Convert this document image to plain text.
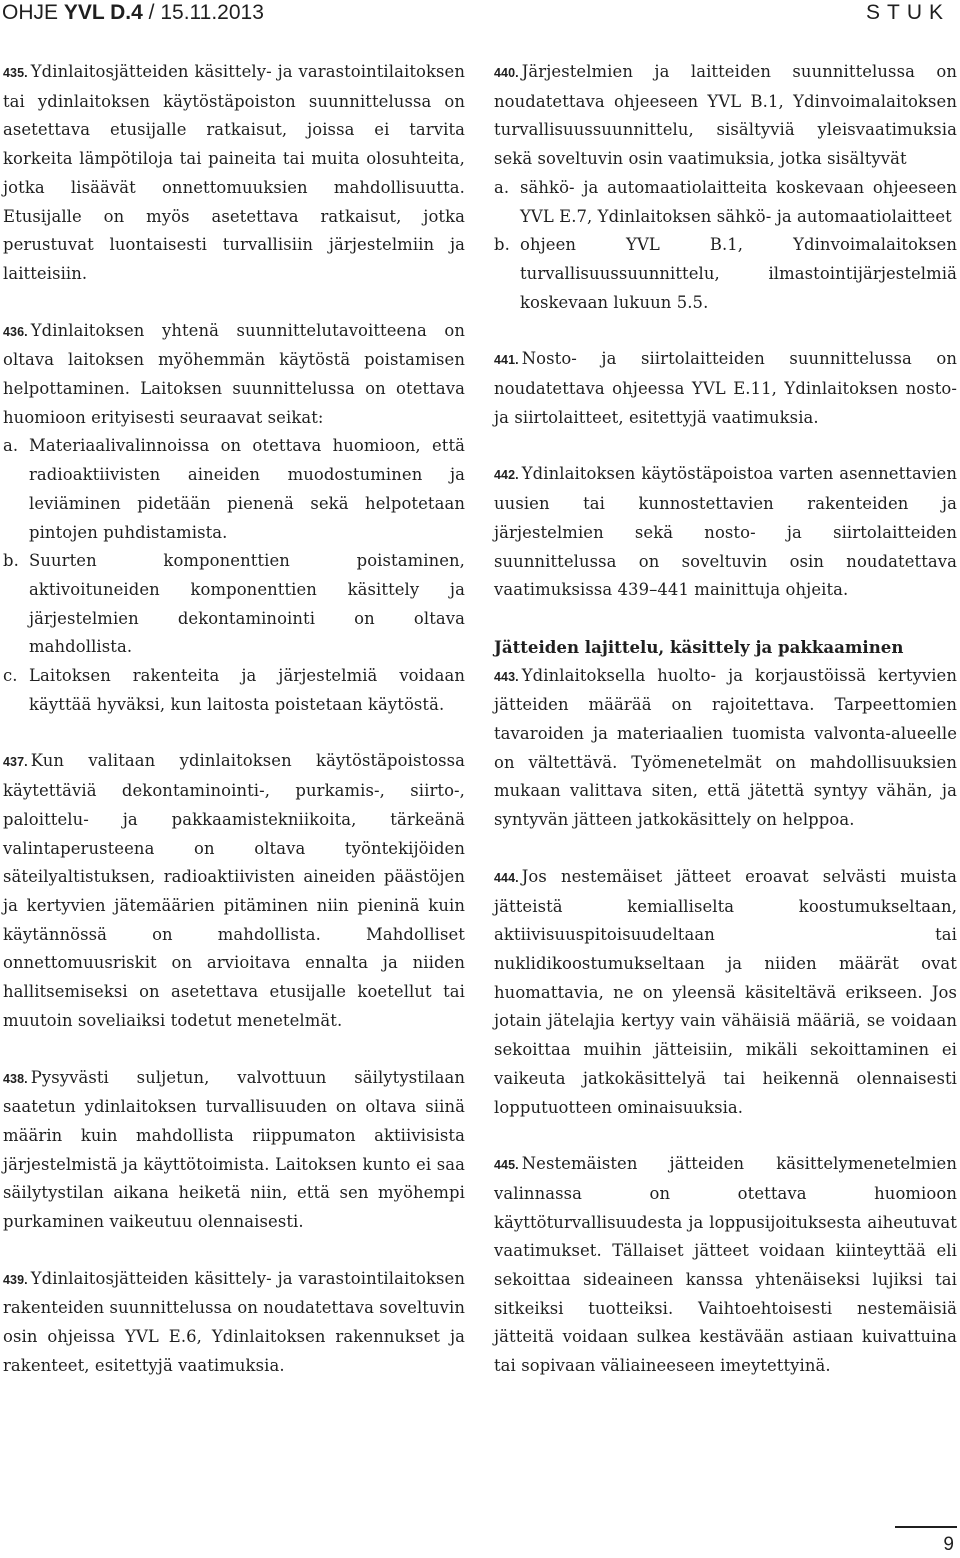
OHJE YVL D.4 / 15.11.2013	STUK
435. Ydinlaitosjätteiden käsittely- ja varastointilaitoksen tai ydinlaitoksen käytöstäpoiston suunnittelussa on asetettava etusijalle ratkaisut, joissa ei tarvita korkeita lämpötiloja tai paineita tai muita olosuhteita, jotka lisäävät onnettomuuksien mahdollisuutta. Etusijalle on myös asetettava ratkaisut, jotka perustuvat luontaisesti turvallisiin järjestelmiin ja laitteisiin.
436. Ydinlaitoksen yhtenä suunnittelutavoitteena on oltava laitoksen myöhemmän käytöstä poistamisen helpottaminen. Laitoksen suunnittelussa on otettava huomioon erityisesti seuraavat seikat:
a. Materiaalivalinnoissa on otettava huomioon, että radioaktiivisten aineiden muodostuminen ja leviäminen pidetään pienenä sekä helpotetaan pintojen puhdistamista.
b. Suurten komponenttien poistaminen, aktivoituneiden komponenttien käsittely ja järjestelmien dekontaminointi on oltava mahdollista.
c. Laitoksen rakenteita ja järjestelmiä voidaan käyttää hyväksi, kun laitosta poistetaan käytöstä.
437. Kun valitaan ydinlaitoksen käytöstäpoistossa käytettäviä dekontaminointi-, purkamis-, siirto-, paloittelu- ja pakkaamistekniikoita, tärkeänä valintaperusteena on oltava työntekijöiden säteilyaltistuksen, radioaktiivisten aineiden päästöjen ja kertyvien jätemäärien pitäminen niin pieninä kuin käytännössä on mahdollista. Mahdolliset onnettomuusriskit on arvioitava ennalta ja niiden hallitsemiseksi on asetettava etusijalle koetellut tai muutoin soveliaiksi todetut menetelmät.
438. Pysyvästi suljetun, valvottuun säilytystilaan saatetun ydinlaitoksen turvallisuuden on oltava siinä määrin kuin mahdollista riippumaton aktiivisista järjestelmistä ja käyttötoimista. Laitoksen kunto ei saa säilytystilan aikana heiketä niin, että sen myöhempi purkaminen vaikeutuu olennaisesti.
439. Ydinlaitosjätteiden käsittely- ja varastointilaitoksen rakenteiden suunnittelussa on noudatettava soveltuvin osin ohjeissa YVL E.6, Ydinlaitoksen rakennukset ja rakenteet, esitettyjä vaatimuksia.
440. Järjestelmien ja laitteiden suunnittelussa on noudatettava ohjeeseen YVL B.1, Ydinvoimalaitoksen turvallisuussuunnittelu, sisältyviä yleisvaatimuksia sekä soveltuvin osin vaatimuksia, jotka sisältyvät
a. sähkö- ja automaatiolaitteita koskevaan ohjeeseen YVL E.7, Ydinlaitoksen sähkö- ja automaatiolaitteet
b. ohjeen YVL B.1, Ydinvoimalaitoksen turvallisuussuunnittelu, ilmastointijärjestelmiä koskevaan lukuun 5.5.
441. Nosto- ja siirtolaitteiden suunnittelussa on noudatettava ohjeessa YVL E.11, Ydinlaitoksen nosto- ja siirtolaitteet, esitettyjä vaatimuksia.
442. Ydinlaitoksen käytöstäpoistoa varten asennettavien uusien tai kunnostettavien rakenteiden ja järjestelmien sekä nosto- ja siirtolaitteiden suunnittelussa on soveltuvin osin noudatettava vaatimuksissa 439–441 mainittuja ohjeita.
Jätteiden lajittelu, käsittely ja pakkaaminen
443. Ydinlaitoksella huolto- ja korjaustöissä kertyvien jätteiden määrää on rajoitettava. Tarpeettomien tavaroiden ja materiaalien tuomista valvonta-alueelle on vältettävä. Työmenetelmät on mahdollisuuksien mukaan valittava siten, että jätettä syntyy vähän, ja syntyvän jätteen jatkokäsittely on helppoa.
444. Jos nestemäiset jätteet eroavat selvästi muista jätteistä kemialliselta koostumukseltaan, aktiivisuuspitoisuudeltaan tai nuklidikoostumukseltaan ja niiden määrät ovat huomattavia, ne on yleensä käsiteltävä erikseen. Jos jotain jätelajia kertyy vain vähäisiä määriä, se voidaan sekoittaa muihin jätteisiin, mikäli sekoittaminen ei vaikeuta jatkokäsittelyä tai heikennä olennaisesti lopputuotteen ominaisuuksia.
445. Nestemäisten jätteiden käsittelymenetelmien valinnassa on otettava huomioon käyttöturvallisuudesta ja loppusijoituksesta aiheutuvat vaatimukset. Tällaiset jätteet voidaan kiinteyttää eli sekoittaa sideaineen kanssa yhtenäiseksi lujiksi tai sitkeiksi tuotteiksi. Vaihtoehtoisesti nestemäisiä jätteitä voidaan sulkea kestävään astiaan kuivattuina tai sopivaan väliaineeseen imeytettyinä.
9
